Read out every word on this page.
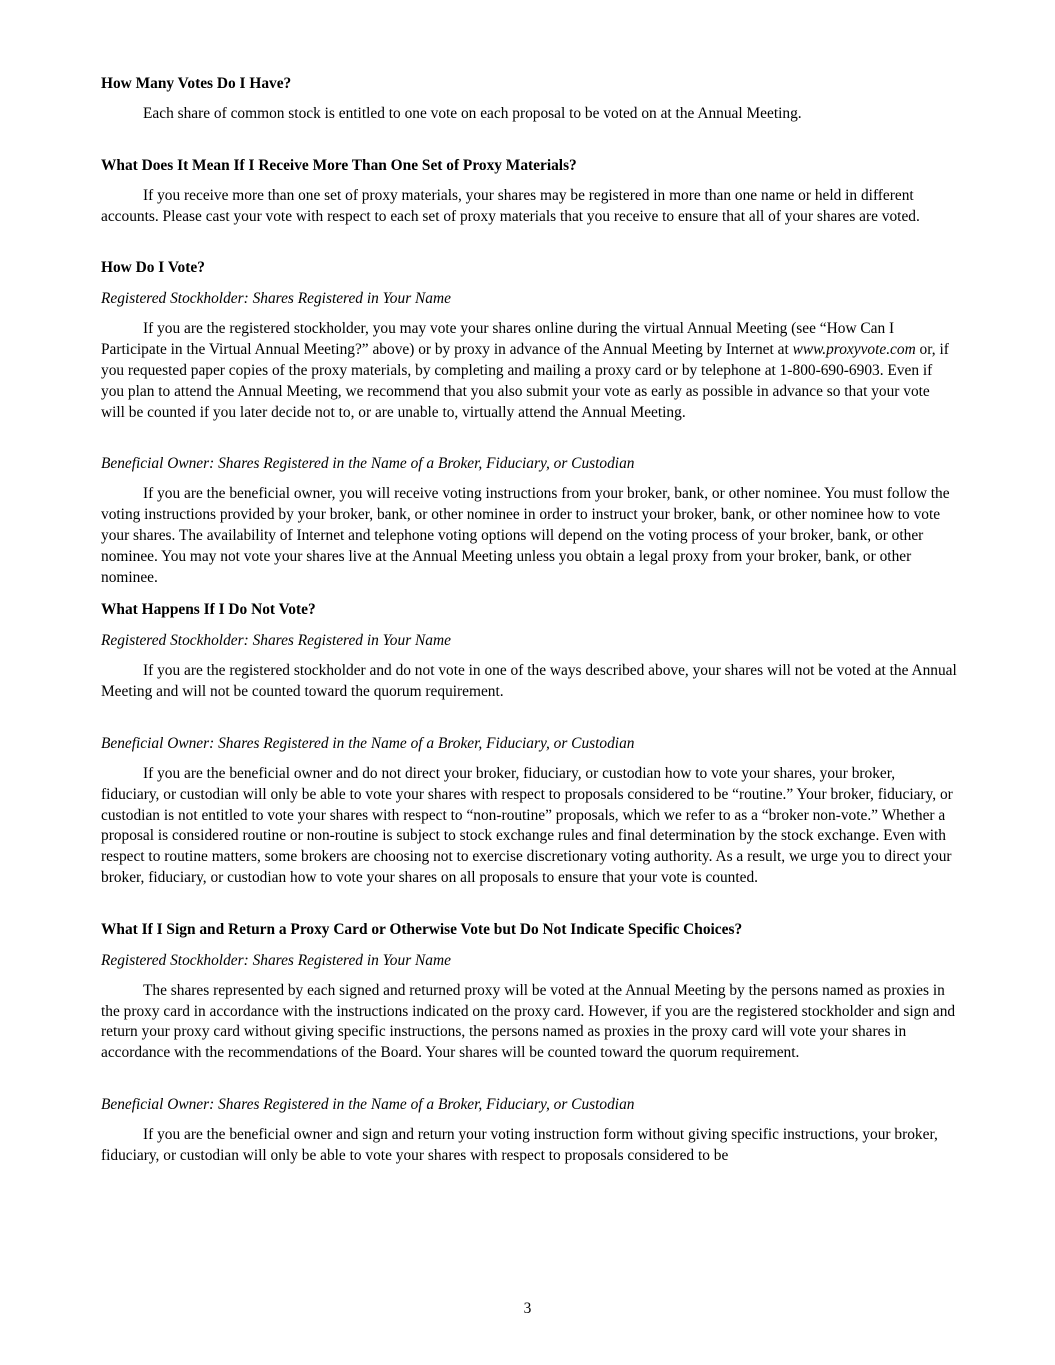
How Many Votes Do I Have?

Each share of common stock is entitled to one vote on each proposal to be voted on at the Annual Meeting.

What Does It Mean If I Receive More Than One Set of Proxy Materials?

If you receive more than one set of proxy materials, your shares may be registered in more than one name or held in different accounts. Please cast your vote with respect to each set of proxy materials that you receive to ensure that all of your shares are voted.

How Do I Vote?
Registered Stockholder: Shares Registered in Your Name

If you are the registered stockholder, you may vote your shares online during the virtual Annual Meeting (see “How Can I Participate in the Virtual Annual Meeting?” above) or by proxy in advance of the Annual Meeting by Internet at www.proxyvote.com or, if you requested paper copies of the proxy materials, by completing and mailing a proxy card or by telephone at 1-800-690-6903. Even if you plan to attend the Annual Meeting, we recommend that you also submit your vote as early as possible in advance so that your vote will be counted if you later decide not to, or are unable to, virtually attend the Annual Meeting.

Beneficial Owner: Shares Registered in the Name of a Broker, Fiduciary, or Custodian

If you are the beneficial owner, you will receive voting instructions from your broker, bank, or other nominee. You must follow the voting instructions provided by your broker, bank, or other nominee in order to instruct your broker, bank, or other nominee how to vote your shares. The availability of Internet and telephone voting options will depend on the voting process of your broker, bank, or other nominee. You may not vote your shares live at the Annual Meeting unless you obtain a legal proxy from your broker, bank, or other nominee.

What Happens If I Do Not Vote?
Registered Stockholder: Shares Registered in Your Name

If you are the registered stockholder and do not vote in one of the ways described above, your shares will not be voted at the Annual Meeting and will not be counted toward the quorum requirement.

Beneficial Owner: Shares Registered in the Name of a Broker, Fiduciary, or Custodian

If you are the beneficial owner and do not direct your broker, fiduciary, or custodian how to vote your shares, your broker, fiduciary, or custodian will only be able to vote your shares with respect to proposals considered to be “routine.” Your broker, fiduciary, or custodian is not entitled to vote your shares with respect to “non-routine” proposals, which we refer to as a “broker non-vote.” Whether a proposal is considered routine or non-routine is subject to stock exchange rules and final determination by the stock exchange. Even with respect to routine matters, some brokers are choosing not to exercise discretionary voting authority. As a result, we urge you to direct your broker, fiduciary, or custodian how to vote your shares on all proposals to ensure that your vote is counted.

What If I Sign and Return a Proxy Card or Otherwise Vote but Do Not Indicate Specific Choices?
Registered Stockholder: Shares Registered in Your Name

The shares represented by each signed and returned proxy will be voted at the Annual Meeting by the persons named as proxies in the proxy card in accordance with the instructions indicated on the proxy card. However, if you are the registered stockholder and sign and return your proxy card without giving specific instructions, the persons named as proxies in the proxy card will vote your shares in accordance with the recommendations of the Board. Your shares will be counted toward the quorum requirement.

Beneficial Owner: Shares Registered in the Name of a Broker, Fiduciary, or Custodian

If you are the beneficial owner and sign and return your voting instruction form without giving specific instructions, your broker, fiduciary, or custodian will only be able to vote your shares with respect to proposals considered to be

3
